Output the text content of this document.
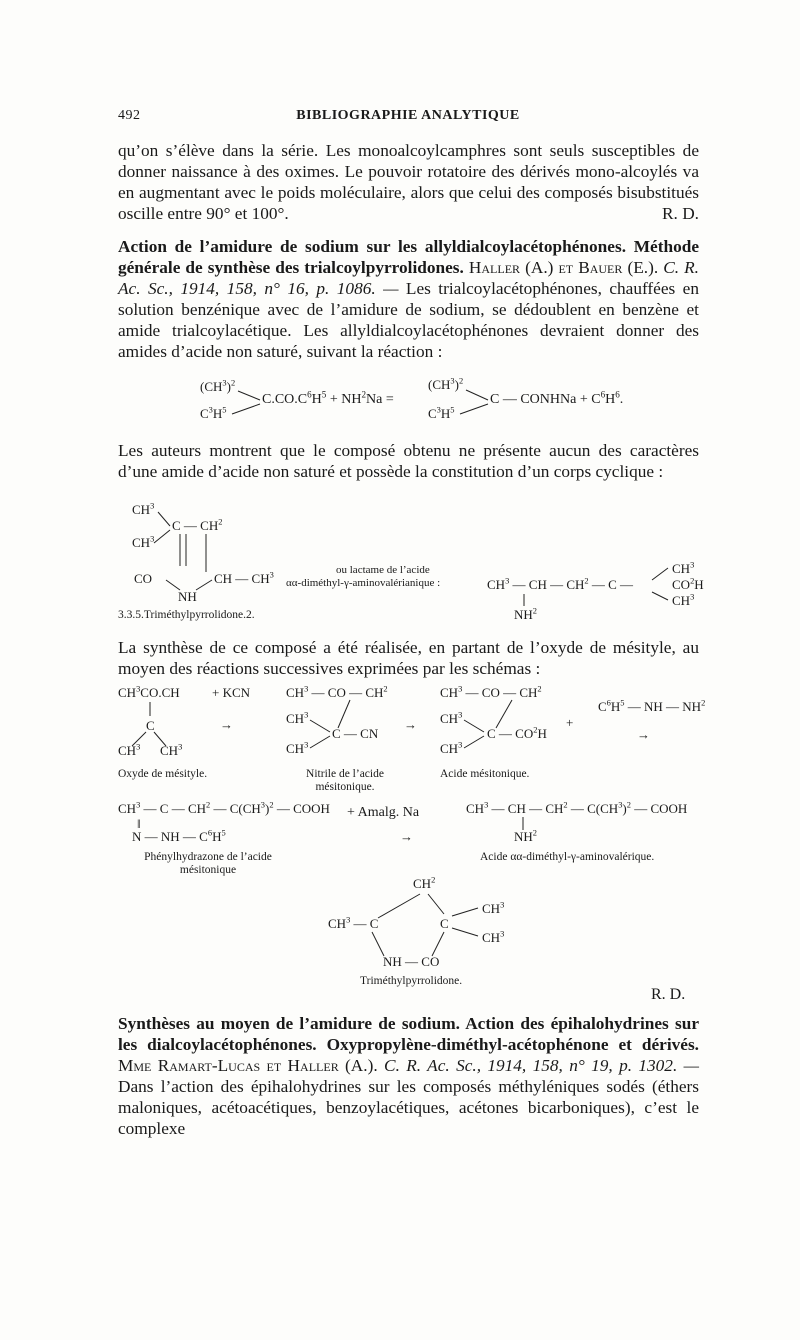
492	BIBLIOGRAPHIE ANALYTIQUE

qu’on s’élève dans la série. Les monoalcoylcamphres sont seuls susceptibles de donner naissance à des oximes. Le pouvoir rotatoire des dérivés mono-alcoylés va en augmentant avec le poids moléculaire, alors que celui des composés bisubstitués oscille entre 90° et 100°.	R. D.

Action de l’amidure de sodium sur les allyldialcoylacétophénones. Méthode générale de synthèse des trialcoylpyrrolidones. Haller (A.) et Bauer (E.). C. R. Ac. Sc., 1914, 158, n° 16, p. 1086. — Les trialcoylacétophénones, chauffées en solution benzénique avec de l’amidure de sodium, se dédoublent en benzène et amide trialcoylacétique. Les allyldialcoylacétophénones devraient donner des amides d’acide non saturé, suivant la réaction :

$(CH^3)^2$
$C^3H^5$
$C.CO.C^6H^5 + NH^2Na$ =
$(CH^3)^2$
$C^3H^5$
C — CONHNa + $C^6H^6$.

Les auteurs montrent que le composé obtenu ne présente aucun des caractères d’une amide d’acide non saturé et possède la constitution d’un corps cyclique :

$CH^3$
C — $CH^2$
$CH^3$
CO	CH — $CH^3$
NH
3.3.5.Triméthylpyrrolidone.2.
ou lactame de l’acide
αα-diméthyl-γ-aminovalérianique :	$CH^3$ — CH — $CH^2$ — C —
$NH^2$
$CH^3$
$CO^2H$
$CH^3$

La synthèse de ce composé a été réalisée, en partant de l’oxyde de mésityle, au moyen des réactions successives exprimées par les schémas :

$CH^3CO.CH$ + KCN
C
$CH^3$ $CH^3$
Oxyde de mésityle.
→
$CH^3$ — CO — $CH^2$
$CH^3$
C — CN
$CH^3$
Nitrile de l’acide mésitonique.
→
$CH^3$ — CO — $CH^2$
$CH^3$
C — $CO^2H$
$CH^3$
Acide mésitonique.
+
$C^6H^5$ — NH — $NH^2$
→
$CH^3$ — C — $CH^2$ — $C(CH^3)^2$ — COOH
‖
N — NH — $C^6H^5$
Phénylhydrazone de l’acide mésitonique
+ Amalg. Na
→
$CH^3$ — CH — $CH^2$ — $C(CH^3)^2$ — COOH
$NH^2$
Acide αα-diméthyl-γ-aminovalérique.
$CH^2$
$CH^3$ — C	C
$CH^3$
$CH^3$
NH — CO
Triméthylpyrrolidone.
R. D.

Synthèses au moyen de l’amidure de sodium. Action des épihalohydrines sur les dialcoylacétophénones. Oxypropylène-diméthyl-acétophénone et dérivés. Mme Ramart-Lucas et Haller (A.). C. R. Ac. Sc., 1914, 158, n° 19, p. 1302. — Dans l’action des épihalohydrines sur les composés méthyléniques sodés (éthers maloniques, acétoacétiques, benzoylacétiques, acétones bicarboniques), c’est le complexe
